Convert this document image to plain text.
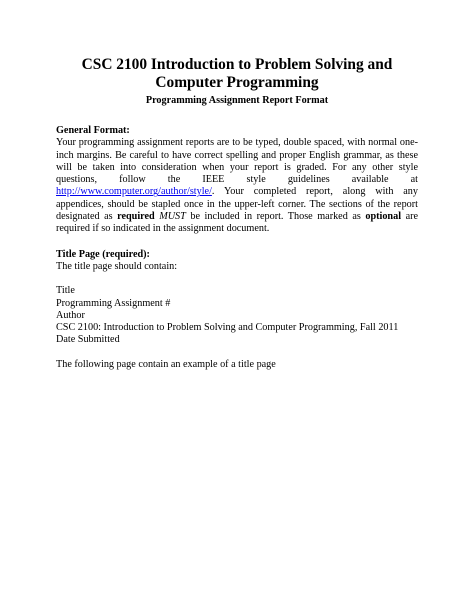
CSC 2100 Introduction to Problem Solving and Computer Programming
Programming Assignment Report Format
General Format:

Your programming assignment reports are to be typed, double spaced, with normal one-inch margins. Be careful to have correct spelling and proper English grammar, as these will be taken into consideration when your report is graded. For any other style questions, follow the IEEE style guidelines available at http://www.computer.org/author/style/. Your completed report, along with any appendices, should be stapled once in the upper-left corner. The sections of the report designated as required MUST be included in report. Those marked as optional are required if so indicated in the assignment document.

Title Page (required):
The title page should contain:
Title
Programming Assignment #
Author
CSC 2100: Introduction to Problem Solving and Computer Programming, Fall 2011
Date Submitted
The following page contain an example of a title page
